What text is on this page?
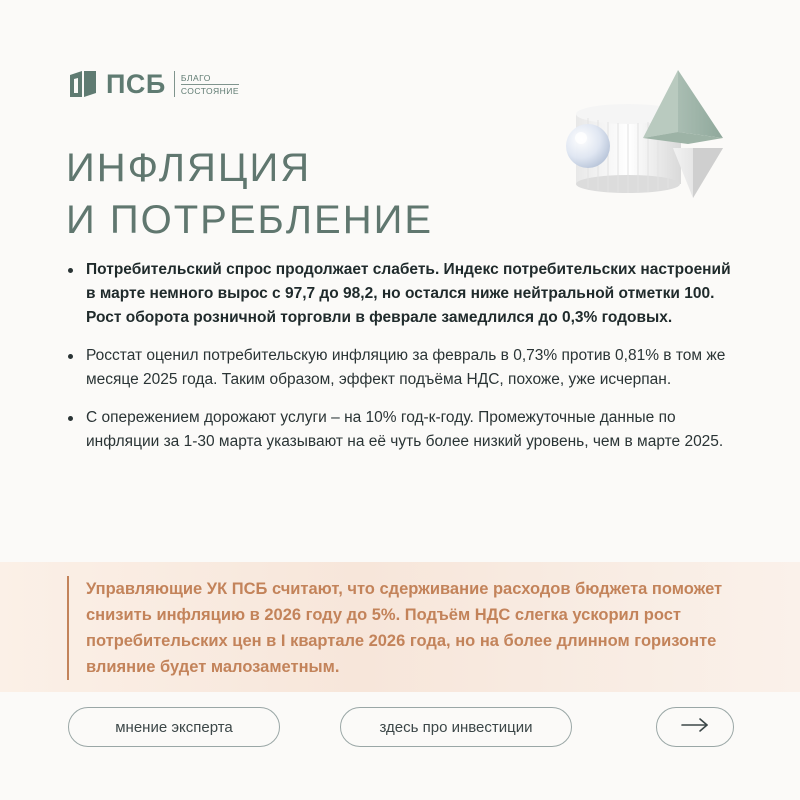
ПСБ БЛАГО
СОСТОЯНИЕ
ИНФЛЯЦИЯ
И ПОТРЕБЛЕНИЕ
Потребительский спрос продолжает слабеть. Индекс потребительских настроений в марте немного вырос с 97,7 до 98,2, но остался ниже нейтральной отметки 100. Рост оборота розничной торговли в феврале замедлился до 0,3% годовых.
Росстат оценил потребительскую инфляцию за февраль в 0,73% против 0,81% в том же месяце 2025 года. Таким образом, эффект подъёма НДС, похоже, уже исчерпан.
С опережением дорожают услуги – на 10% год-к-году. Промежуточные данные по инфляции за 1-30 марта указывают на её чуть более низкий уровень, чем в марте 2025.

Управляющие УК ПСБ считают, что сдерживание расходов бюджета поможет снизить инфляцию в 2026 году до 5%. Подъём НДС слегка ускорил рост потребительских цен в I квартале 2026 года, но на более длинном горизонте влияние будет малозаметным.

мнение эксперта	здесь про инвестиции
